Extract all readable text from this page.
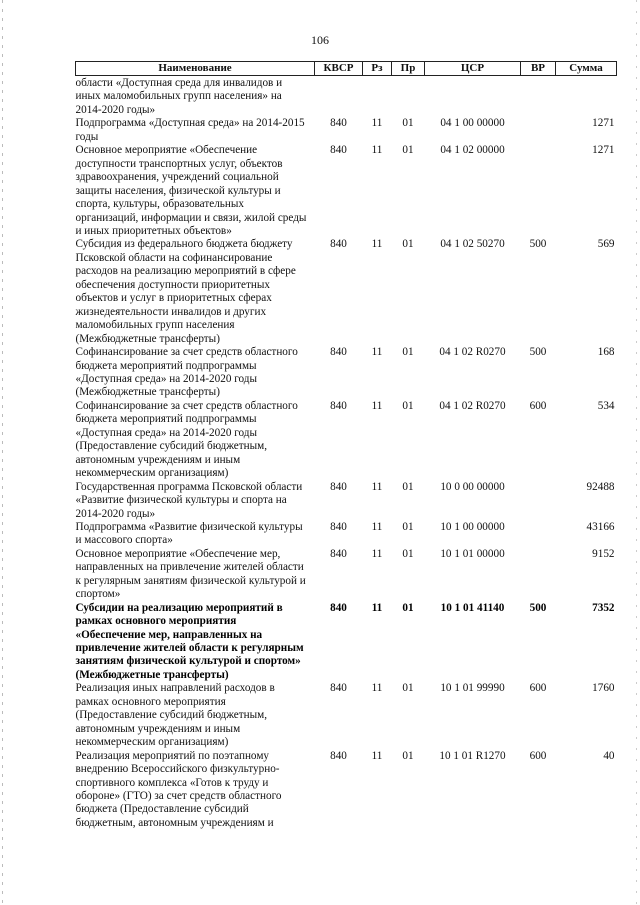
106
Наименование	КВСР	Рз	Пр	ЦСР	ВР	Сумма
области «Доступная среда для инвалидов и иных маломобильных групп населения» на 2014-2020 годы»						
Подпрограмма «Доступная среда» на 2014-2015 годы	840	11	01	04 1 00 00000		1271
Основное мероприятие «Обеспечение доступности транспортных услуг, объектов здравоохранения, учреждений социальной защиты населения, физической культуры и спорта, культуры, образовательных организаций, информации и связи, жилой среды и иных приоритетных объектов»	840	11	01	04 1 02 00000		1271
Субсидия из федерального бюджета бюджету Псковской области на софинансирование расходов на реализацию мероприятий в сфере обеспечения доступности приоритетных объектов и услуг в приоритетных сферах жизнедеятельности инвалидов и других маломобильных групп населения (Межбюджетные трансферты)	840	11	01	04 1 02 50270	500	569
Софинансирование за счет средств областного бюджета мероприятий подпрограммы «Доступная среда» на 2014-2020 годы (Межбюджетные трансферты)	840	11	01	04 1 02 R0270	500	168
Софинансирование за счет средств областного бюджета мероприятий подпрограммы «Доступная среда» на 2014-2020 годы (Предоставление субсидий бюджетным, автономным учреждениям и иным некоммерческим организациям)	840	11	01	04 1 02 R0270	600	534
Государственная программа Псковской области «Развитие физической культуры и спорта на 2014-2020 годы»	840	11	01	10 0 00 00000		92488
Подпрограмма «Развитие физической культуры и массового спорта»	840	11	01	10 1 00 00000		43166
Основное мероприятие «Обеспечение мер, направленных на привлечение жителей области к регулярным занятиям физической культурой и спортом»	840	11	01	10 1 01 00000		9152
Субсидии на реализацию мероприятий в рамках основного мероприятия «Обеспечение мер, направленных на привлечение жителей области к регулярным занятиям физической культурой и спортом» (Межбюджетные трансферты)	840	11	01	10 1 01 41140	500	7352
Реализация иных направлений расходов в рамках основного мероприятия (Предоставление субсидий бюджетным, автономным учреждениям и иным некоммерческим организациям)	840	11	01	10 1 01 99990	600	1760
Реализация мероприятий по поэтапному внедрению Всероссийского физкультурно-спортивного комплекса «Готов к труду и обороне» (ГТО) за счет средств областного бюджета (Предоставление субсидий бюджетным, автономным учреждениям и	840	11	01	10 1 01 R1270	600	40
